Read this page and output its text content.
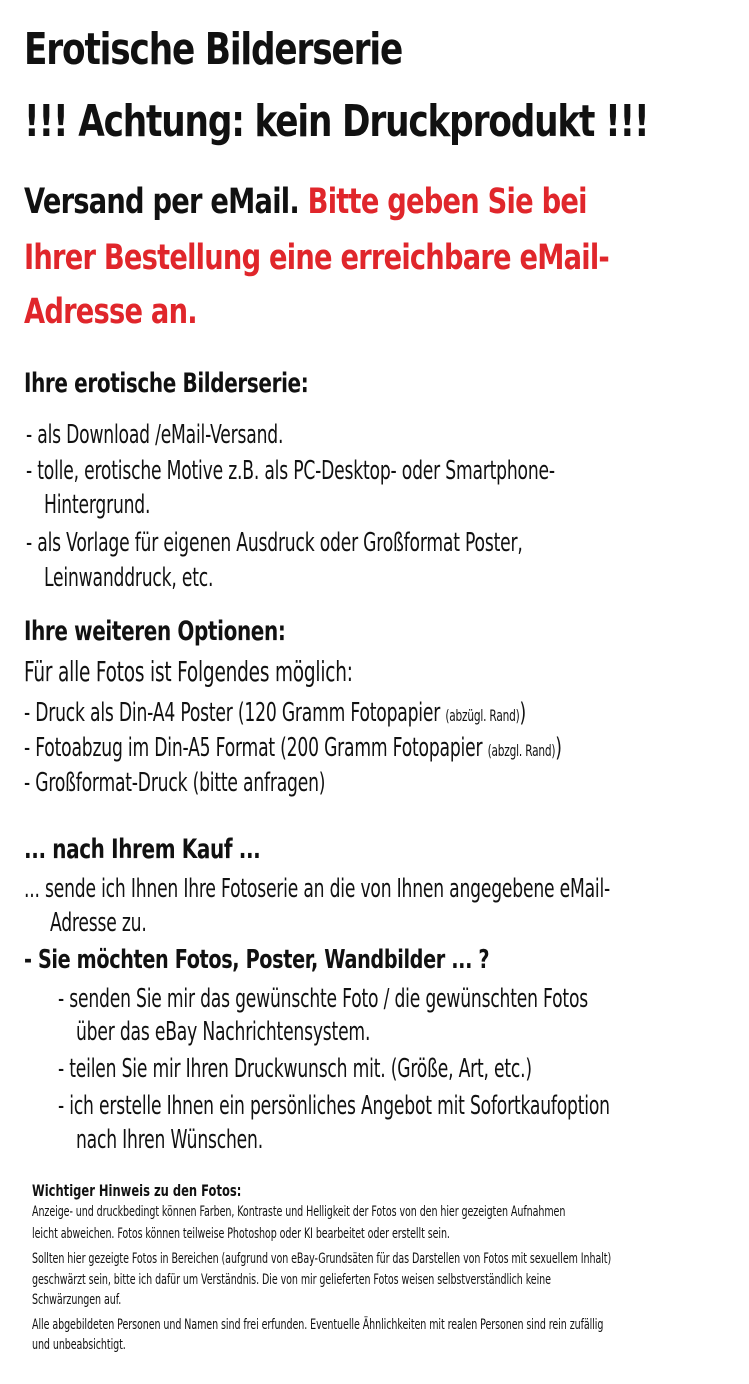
Erotische Bilderserie
!!! Achtung: kein Druckprodukt !!!
Versand per eMail. Bitte geben Sie bei
Ihrer Bestellung eine erreichbare eMail-
Adresse an.
Ihre erotische Bilderserie:
- als Download /eMail-Versand.
- tolle, erotische Motive z.B. als PC-Desktop- oder Smartphone-
Hintergrund.
- als Vorlage für eigenen Ausdruck oder Großformat Poster,
Leinwanddruck, etc.
Ihre weiteren Optionen:
Für alle Fotos ist Folgendes möglich:
- Druck als Din-A4 Poster (120 Gramm Fotopapier (abzügl. Rand))
- Fotoabzug im Din-A5 Format (200 Gramm Fotopapier (abzgl. Rand))
- Großformat-Druck (bitte anfragen)
... nach Ihrem Kauf ...
... sende ich Ihnen Ihre Fotoserie an die von Ihnen angegebene eMail-
Adresse zu.
- Sie möchten Fotos, Poster, Wandbilder ... ?
- senden Sie mir das gewünschte Foto / die gewünschten Fotos
über das eBay Nachrichtensystem.
- teilen Sie mir Ihren Druckwunsch mit. (Größe, Art, etc.)
- ich erstelle Ihnen ein persönliches Angebot mit Sofortkaufoption
nach Ihren Wünschen.
Wichtiger Hinweis zu den Fotos:
Anzeige- und druckbedingt können Farben, Kontraste und Helligkeit der Fotos von den hier gezeigten Aufnahmen
leicht abweichen. Fotos können teilweise Photoshop oder KI bearbeitet oder erstellt sein.
Sollten hier gezeigte Fotos in Bereichen (aufgrund von eBay-Grundsäten für das Darstellen von Fotos mit sexuellem Inhalt)
geschwärzt sein, bitte ich dafür um Verständnis. Die von mir gelieferten Fotos weisen selbstverständlich keine
Schwärzungen auf.
Alle abgebildeten Personen und Namen sind frei erfunden. Eventuelle Ähnlichkeiten mit realen Personen sind rein zufällig
und unbeabsichtigt.
